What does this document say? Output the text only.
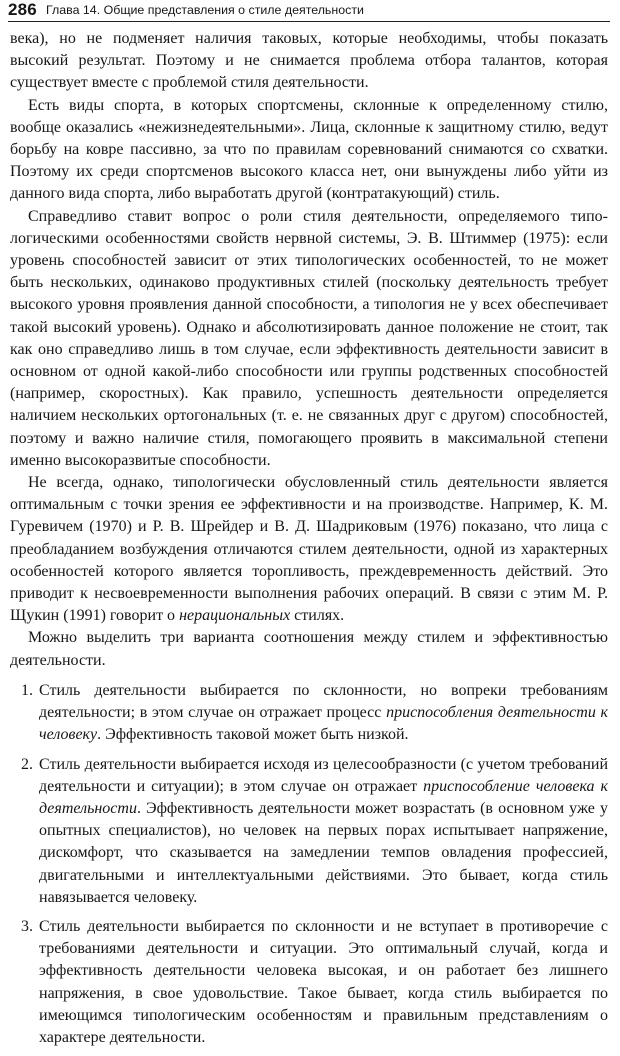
286 Глава 14. Общие представления о стиле деятельности

века), но не подменяет наличия таковых, которые необходимы, чтобы показать высокий результат. Поэтому и не снимается проблема отбора талантов, которая существует вместе с проблемой стиля деятельности.

Есть виды спорта, в которых спортсмены, склонные к определенному стилю, вообще оказались «нежизнедеятельными». Лица, склонные к защитному стилю, ведут борьбу на ковре пассивно, за что по правилам соревнований снимаются со схватки. Поэтому их среди спортсменов высокого класса нет, они вынуждены либо уйти из данного вида спорта, либо выработать другой (контратакующий) стиль.

Справедливо ставит вопрос о роли стиля деятельности, определяемого типологическими особенностями свойств нервной системы, Э. В. Штиммер (1975): если уровень способностей зависит от этих типологических особенностей, то не может быть нескольких, одинаково продуктивных стилей (поскольку деятельность требует высокого уровня проявления данной способности, а типология не у всех обеспечивает такой высокий уровень). Однако и абсолютизировать данное положение не стоит, так как оно справедливо лишь в том случае, если эффективность деятельности зависит в основном от одной какой-либо способности или группы родственных способностей (например, скоростных). Как правило, успешность деятельности определяется наличием нескольких ортогональных (т. е. не связанных друг с другом) способностей, поэтому и важно наличие стиля, помогающего проявить в максимальной степени именно высокоразвитые способности.

Не всегда, однако, типологически обусловленный стиль деятельности является оптимальным с точки зрения ее эффективности и на производстве. Например, К. М. Гуревичем (1970) и Р. В. Шрейдер и В. Д. Шадриковым (1976) показано, что лица с преобладанием возбуждения отличаются стилем деятельности, одной из характерных особенностей которого является торопливость, преждевременность действий. Это приводит к несвоевременности выполнения рабочих операций. В связи с этим М. Р. Щукин (1991) говорит о нерациональных стилях.

Можно выделить три варианта соотношения между стилем и эффективностью деятельности.

1. Стиль деятельности выбирается по склонности, но вопреки требованиям деятельности; в этом случае он отражает процесс приспособления деятельности к человеку. Эффективность таковой может быть низкой.
2. Стиль деятельности выбирается исходя из целесообразности (с учетом требований деятельности и ситуации); в этом случае он отражает приспособление человека к деятельности. Эффективность деятельности может возрастать (в основном уже у опытных специалистов), но человек на первых порах испытывает напряжение, дискомфорт, что сказывается на замедлении темпов овладения профессией, двигательными и интеллектуальными действиями. Это бывает, когда стиль навязывается человеку.
3. Стиль деятельности выбирается по склонности и не вступает в противоречие с требованиями деятельности и ситуации. Это оптимальный случай, когда и эффективность деятельности человека высокая, и он работает без лишнего напряжения, в свое удовольствие. Такое бывает, когда стиль выбирается по имеющимся типологическим особенностям и правильным представлениям о характере деятельности.
